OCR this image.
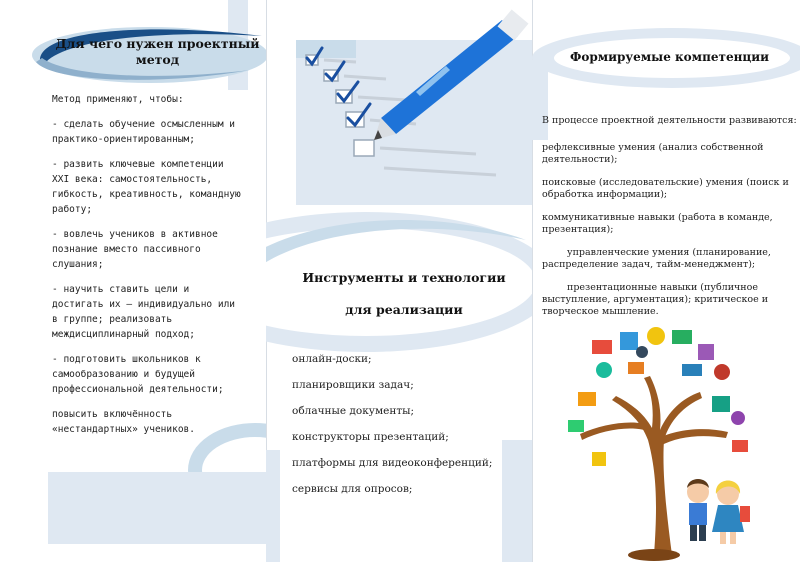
Для чего нужен проектный метод

Метод применяют, чтобы:

- сделать обучение осмысленным и практико-ориентированным;

- развить ключевые компетенции XXI века: самостоятельность, гибкость, креативность, командную работу;

- вовлечь учеников в активное познание вместо пассивного слушания;

- научить ставить цели и достигать их — индивидуально или в группе; реализовать междисциплинарный подход;

- подготовить школьников к самообразованию и будущей профессиональной деятельности;

повысить включённость «нестандартных» учеников.

Инструменты и технологии
для реализации

онлайн-доски;

планировщики задач;

облачные документы;

конструкторы презентаций;

платформы для видеоконференций;

сервисы для опросов;

Формируемые компетенции
В процессе проектной деятельности развиваются:

рефлексивные умения (анализ собственной деятельности);

поисковые (исследовательские) умения (поиск и обработка информации);

коммуникативные навыки (работа в команде, презентация);

управленческие умения (планирование, распределение задач, тайм-менеджмент);

презентационные навыки (публичное выступление, аргументация); критическое и творческое мышление.
